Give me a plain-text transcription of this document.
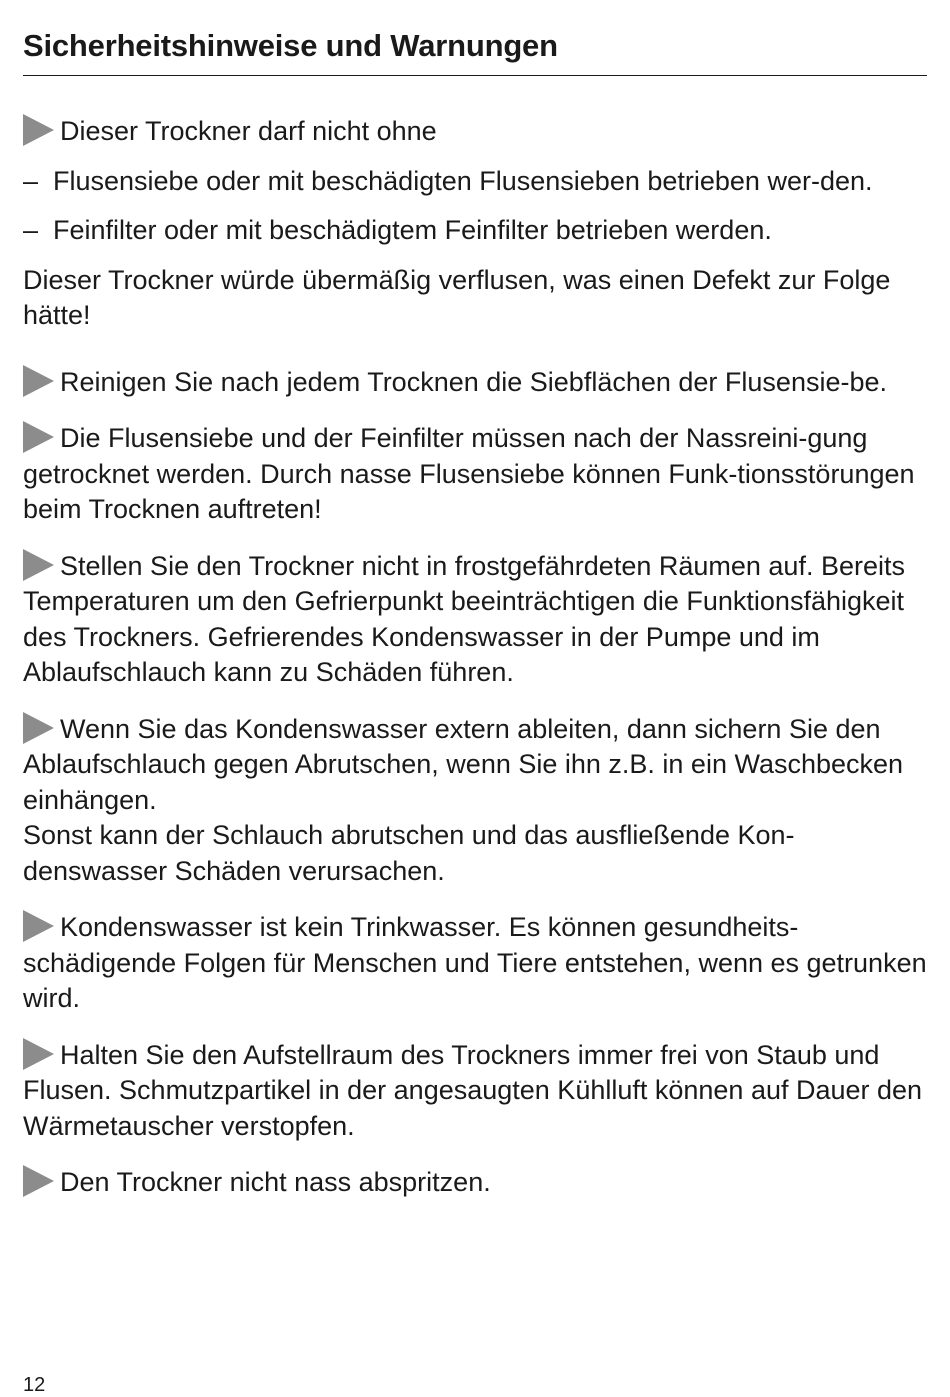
Sicherheitshinweise und Warnungen

Dieser Trockner darf nicht ohne

– Flusensiebe oder mit beschädigten Flusensieben betrieben wer-den.
– Feinfilter oder mit beschädigtem Feinfilter betrieben werden.

Dieser Trockner würde übermäßig verflusen, was einen Defekt zur Folge hätte!

Reinigen Sie nach jedem Trocknen die Siebflächen der Flusensie-be.

Die Flusensiebe und der Feinfilter müssen nach der Nassreini-gung getrocknet werden. Durch nasse Flusensiebe können Funk-tionsstörungen beim Trocknen auftreten!

Stellen Sie den Trockner nicht in frostgefährdeten Räumen auf. Bereits Temperaturen um den Gefrierpunkt beeinträchtigen die Funktionsfähigkeit des Trockners. Gefrierendes Kondenswasser in der Pumpe und im Ablaufschlauch kann zu Schäden führen.

Wenn Sie das Kondenswasser extern ableiten, dann sichern Sie den Ablaufschlauch gegen Abrutschen, wenn Sie ihn z.B. in ein Waschbecken einhängen.
Sonst kann der Schlauch abrutschen und das ausfließende Kon-denswasser Schäden verursachen.

Kondenswasser ist kein Trinkwasser. Es können gesundheits-schädigende Folgen für Menschen und Tiere entstehen, wenn es getrunken wird.

Halten Sie den Aufstellraum des Trockners immer frei von Staub und Flusen. Schmutzpartikel in der angesaugten Kühlluft können auf Dauer den Wärmetauscher verstopfen.

Den Trockner nicht nass abspritzen.

12
